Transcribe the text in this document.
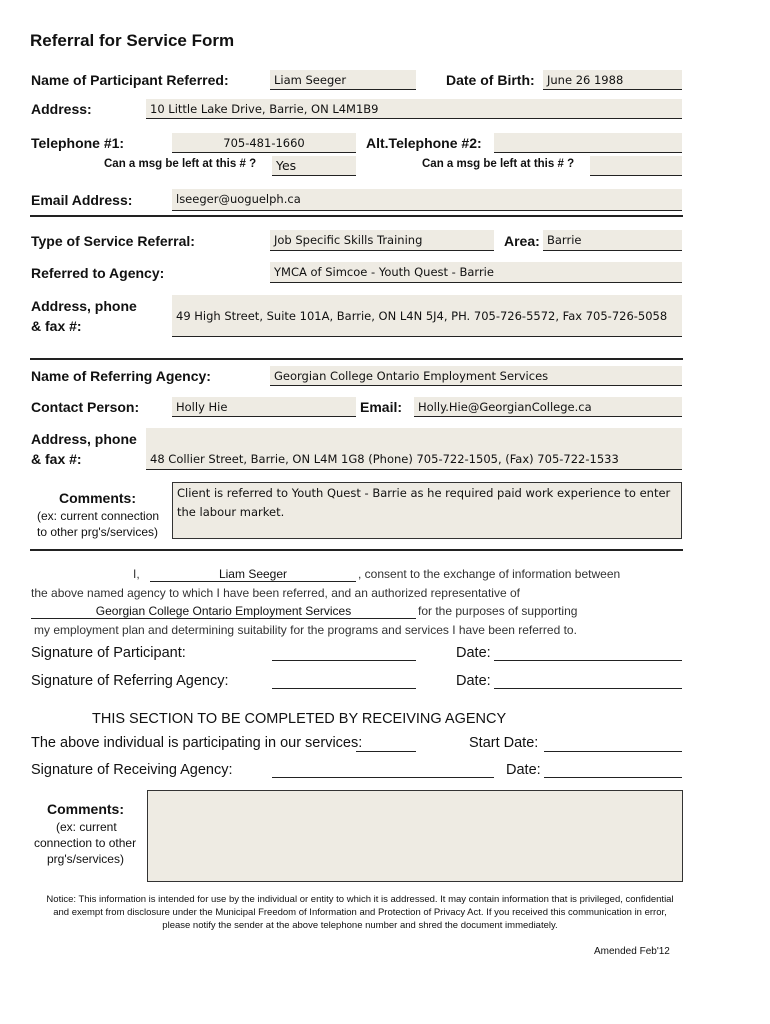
Referral for Service Form
Name of Participant Referred:	Liam Seeger	Date of Birth:	June 26 1988
Address:	10 Little Lake Drive, Barrie, ON L4M1B9
Telephone #1:	705-481-1660	Alt.Telephone #2:
Can a msg be left at this # ?	Yes	Can a msg be left at this # ?
Email Address:	lseeger@uoguelph.ca
Type of Service Referral:	Job Specific Skills Training	Area: Barrie
Referred to Agency:	YMCA of Simcoe - Youth Quest - Barrie
Address, phone
& fax #:
49 High Street, Suite 101A, Barrie, ON L4N 5J4, PH. 705-726-5572, Fax 705-726-5058
Name of Referring Agency:	Georgian College Ontario Employment Services
Contact Person:	Holly Hie	Email:	Holly.Hie@GeorgianCollege.ca
Address, phone
& fax #:	48 Collier Street, Barrie, ON L4M 1G8 (Phone) 705-722-1505, (Fax) 705-722-1533
Comments:
(ex: current connection
to other prg's/services)
Client is referred to Youth Quest - Barrie as he required paid work experience to enter the labour market.
I,	Liam Seeger	, consent to the exchange of information between
the above named agency to which I have been referred, and an authorized representative of
Georgian College Ontario Employment Services	for the purposes of supporting
my employment plan and determining suitability for the programs and services I have been referred to.
Signature of Participant:	Date:
Signature of Referring Agency:	Date:
THIS SECTION TO BE COMPLETED BY RECEIVING AGENCY
The above individual is participating in our services:	Start Date:
Signature of Receiving Agency:	Date:
Comments:
(ex: current
connection to other
prg's/services)
Notice: This information is intended for use by the individual or entity to which it is addressed. It may contain information that is privileged, confidential and exempt from disclosure under the Municipal Freedom of Information and Protection of Privacy Act. If you received this communication in error, please notify the sender at the above telephone number and shred the document immediately.
Amended Feb'12
